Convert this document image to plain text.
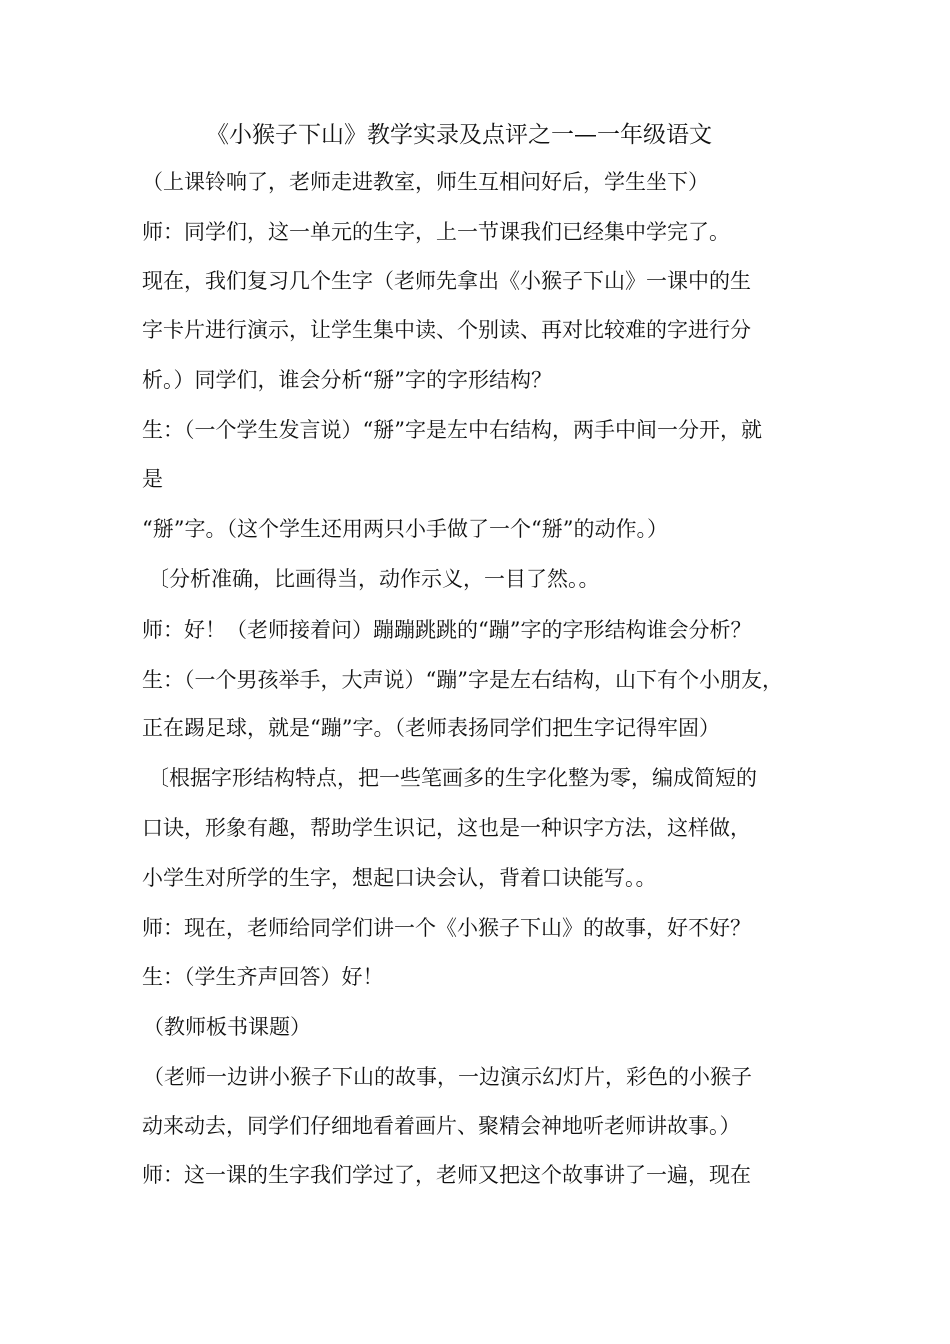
《小猴子下山》教学实录及点评之一—一年级语文
（上课铃响了，老师走进教室，师生互相问好后，学生坐下）
师：同学们，这一单元的生字，上一节课我们已经集中学完了。
现在，我们复习几个生字（老师先拿出《小猴子下山》一课中的生
字卡片进行演示，让学生集中读、个别读、再对比较难的字进行分
析。）同学们，谁会分析“掰”字的字形结构？
生：（一个学生发言说）“掰”字是左中右结构，两手中间一分开，就
是
“掰”字。（这个学生还用两只小手做了一个“掰”的动作。）
〔分析准确，比画得当，动作示义，一目了然。。
师：好！（老师接着问）蹦蹦跳跳的“蹦”字的字形结构谁会分析？
生：（一个男孩举手，大声说）“蹦”字是左右结构，山下有个小朋友，
正在踢足球，就是“蹦”字。（老师表扬同学们把生字记得牢固）
〔根据字形结构特点，把一些笔画多的生字化整为零，编成简短的
口诀，形象有趣，帮助学生识记，这也是一种识字方法，这样做，
小学生对所学的生字，想起口诀会认，背着口诀能写。。
师：现在，老师给同学们讲一个《小猴子下山》的故事，好不好？
生：（学生齐声回答）好！
（教师板书课题）
（老师一边讲小猴子下山的故事，一边演示幻灯片，彩色的小猴子
动来动去，同学们仔细地看着画片、聚精会神地听老师讲故事。）
师：这一课的生字我们学过了，老师又把这个故事讲了一遍，现在
